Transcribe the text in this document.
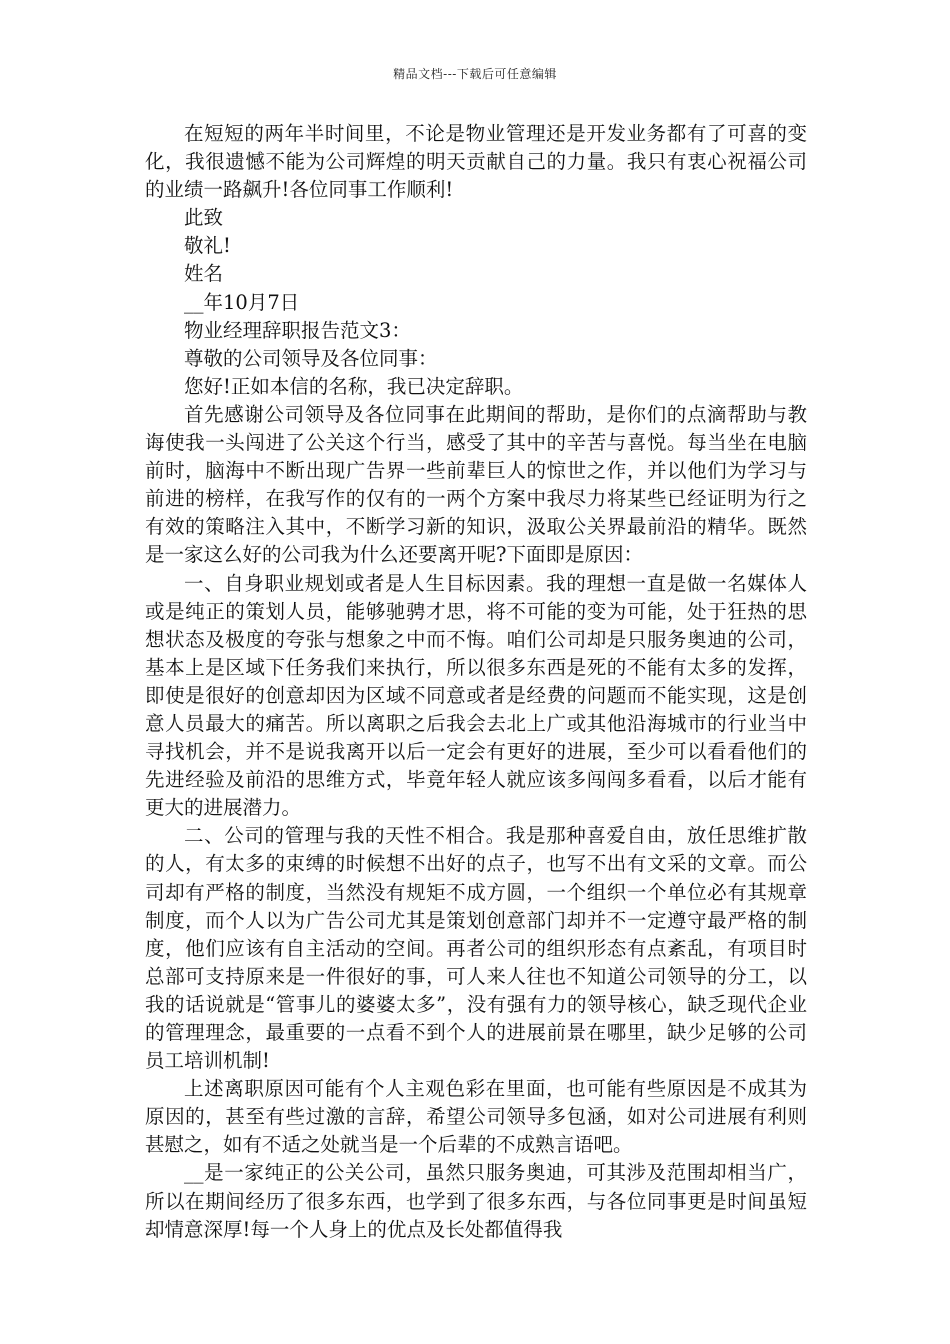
精品文档---下载后可任意编辑

在短短的两年半时间里，不论是物业管理还是开发业务都有了可喜的变化，我很遗憾不能为公司辉煌的明天贡献自己的力量。我只有衷心祝福公司的业绩一路飙升!各位同事工作顺利!

此致

敬礼!

姓名

__年10月7日

物业经理辞职报告范文3：

尊敬的公司领导及各位同事：

您好!正如本信的名称，我已决定辞职。

首先感谢公司领导及各位同事在此期间的帮助，是你们的点滴帮助与教诲使我一头闯进了公关这个行当，感受了其中的辛苦与喜悦。每当坐在电脑前时，脑海中不断出现广告界一些前辈巨人的惊世之作，并以他们为学习与前进的榜样，在我写作的仅有的一两个方案中我尽力将某些已经证明为行之有效的策略注入其中，不断学习新的知识，汲取公关界最前沿的精华。既然是一家这么好的公司我为什么还要离开呢?下面即是原因：

一、自身职业规划或者是人生目标因素。我的理想一直是做一名媒体人或是纯正的策划人员，能够驰骋才思，将不可能的变为可能，处于狂热的思想状态及极度的夸张与想象之中而不悔。咱们公司却是只服务奥迪的公司，基本上是区域下任务我们来执行，所以很多东西是死的不能有太多的发挥，即使是很好的创意却因为区域不同意或者是经费的问题而不能实现，这是创意人员最大的痛苦。所以离职之后我会去北上广或其他沿海城市的行业当中寻找机会，并不是说我离开以后一定会有更好的进展，至少可以看看他们的先进经验及前沿的思维方式，毕竟年轻人就应该多闯闯多看看，以后才能有更大的进展潜力。

二、公司的管理与我的天性不相合。我是那种喜爱自由，放任思维扩散的人，有太多的束缚的时候想不出好的点子，也写不出有文采的文章。而公司却有严格的制度，当然没有规矩不成方圆，一个组织一个单位必有其规章制度，而个人以为广告公司尤其是策划创意部门却并不一定遵守最严格的制度，他们应该有自主活动的空间。再者公司的组织形态有点紊乱，有项目时总部可支持原来是一件很好的事，可人来人往也不知道公司领导的分工，以我的话说就是“管事儿的婆婆太多”，没有强有力的领导核心，缺乏现代企业的管理理念，最重要的一点看不到个人的进展前景在哪里，缺少足够的公司员工培训机制!

上述离职原因可能有个人主观色彩在里面，也可能有些原因是不成其为原因的，甚至有些过激的言辞，希望公司领导多包涵，如对公司进展有利则甚慰之，如有不适之处就当是一个后辈的不成熟言语吧。

__是一家纯正的公关公司，虽然只服务奥迪，可其涉及范围却相当广，所以在期间经历了很多东西，也学到了很多东西，与各位同事更是时间虽短却情意深厚!每一个人身上的优点及长处都值得我
